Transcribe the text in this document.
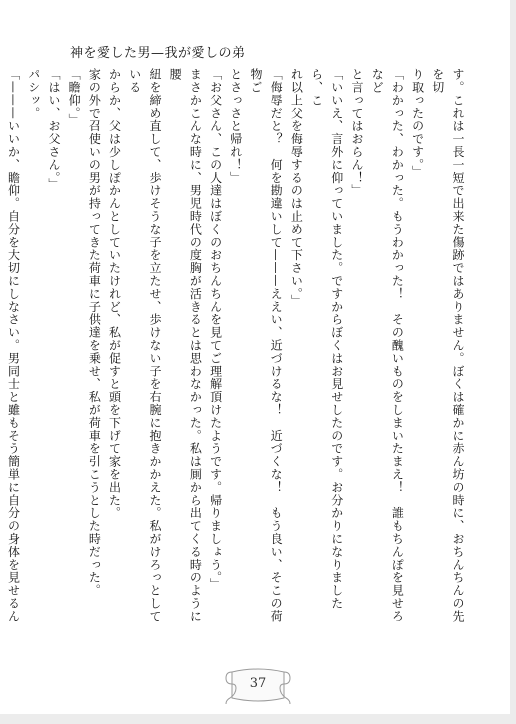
神を愛した男—我が愛しの弟

す。これは一長一短で出来た傷跡ではありません。ぼくは確かに赤ん坊の時に、おちんちんの先を切

り取ったのです。」

「わかった、わかった。もうわかった！　その醜いものをしまいたまえ！　誰もちんぽを見せろなど

と言ってはおらん！」

「いいえ、言外に仰っていました。ですからぼくはお見せしたのです。お分かりになりましたら、こ

れ以上父を侮辱するのは止めて下さい。」

「侮辱だと？　何を勘違いして———ええい、近づけるな！　近づくな！　もう良い、そこの荷物ご

とさっさと帰れ！」

「お父さん、この人達はぼくのおちんちんを見てご理解頂けたようです。帰りましょう。」

まさかこんな時に、男児時代の度胸が活きるとは思わなかった。私は厠から出てくる時のように腰

紐を締め直して、歩けそうな子を立たせ、歩けない子を右腕に抱きかかえた。私がけろっとしている

からか、父は少しぽかんとしていたけれど、私が促すと頭を下げて家を出た。

家の外で召使いの男が持ってきた荷車に子供達を乗せ、私が荷車を引こうとした時だった。

「瞻仰。」

「はい、お父さん。」

パシッ。

「———いいか、瞻仰。自分を大切にしなさい。男同士と雖もそう簡単に自分の身体を見せるん

37
